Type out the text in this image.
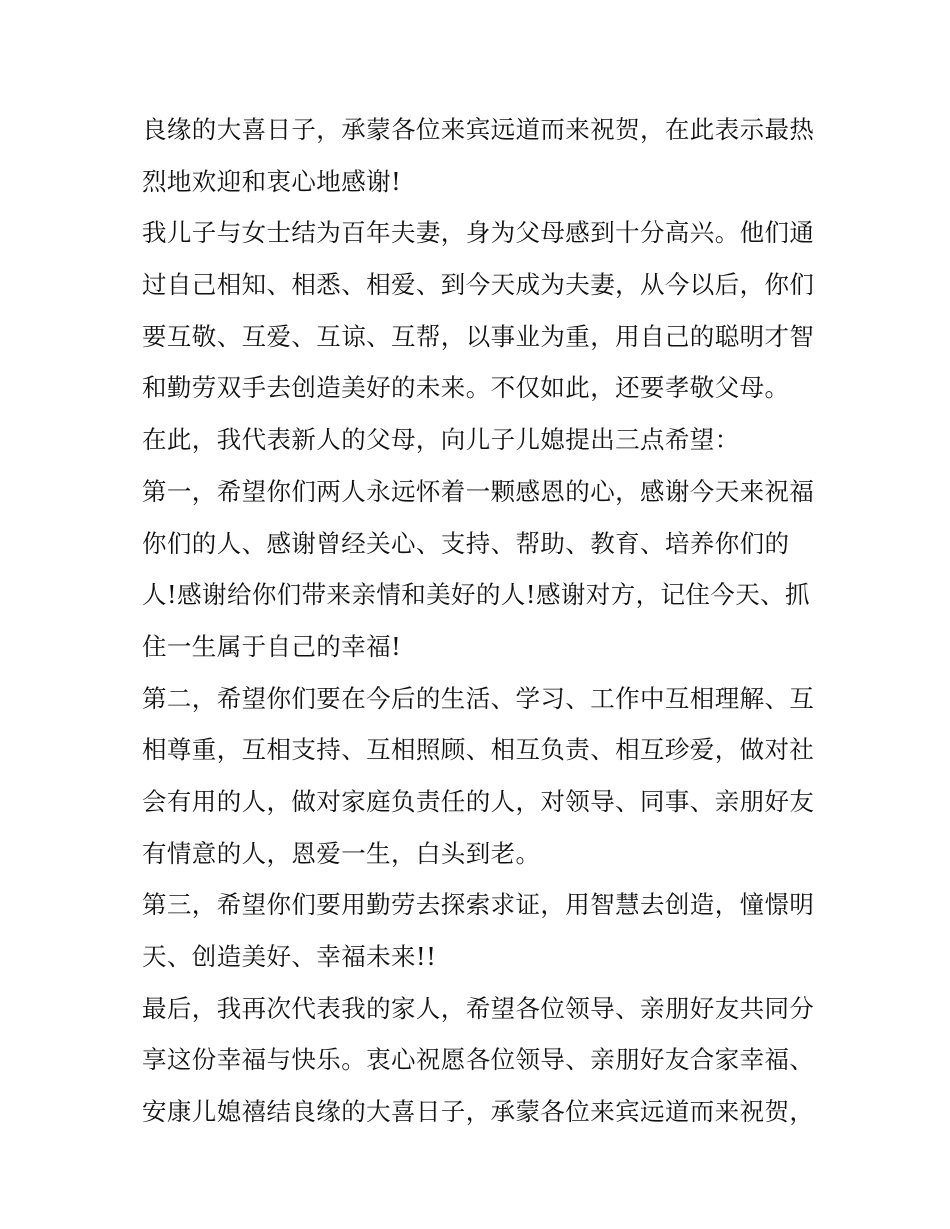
良缘的大喜日子，承蒙各位来宾远道而来祝贺，在此表示最热
烈地欢迎和衷心地感谢!
我儿子与女士结为百年夫妻，身为父母感到十分高兴。他们通
过自己相知、相悉、相爱、到今天成为夫妻，从今以后，你们
要互敬、互爱、互谅、互帮，以事业为重，用自己的聪明才智
和勤劳双手去创造美好的未来。不仅如此，还要孝敬父母。
在此，我代表新人的父母，向儿子儿媳提出三点希望：
第一，希望你们两人永远怀着一颗感恩的心，感谢今天来祝福
你们的人、感谢曾经关心、支持、帮助、教育、培养你们的
人!感谢给你们带来亲情和美好的人!感谢对方，记住今天、抓
住一生属于自己的幸福!
第二，希望你们要在今后的生活、学习、工作中互相理解、互
相尊重，互相支持、互相照顾、相互负责、相互珍爱，做对社
会有用的人，做对家庭负责任的人，对领导、同事、亲朋好友
有情意的人，恩爱一生，白头到老。
第三，希望你们要用勤劳去探索求证，用智慧去创造，憧憬明
天、创造美好、幸福未来!!
最后，我再次代表我的家人，希望各位领导、亲朋好友共同分
享这份幸福与快乐。衷心祝愿各位领导、亲朋好友合家幸福、
安康儿媳禧结良缘的大喜日子，承蒙各位来宾远道而来祝贺，
